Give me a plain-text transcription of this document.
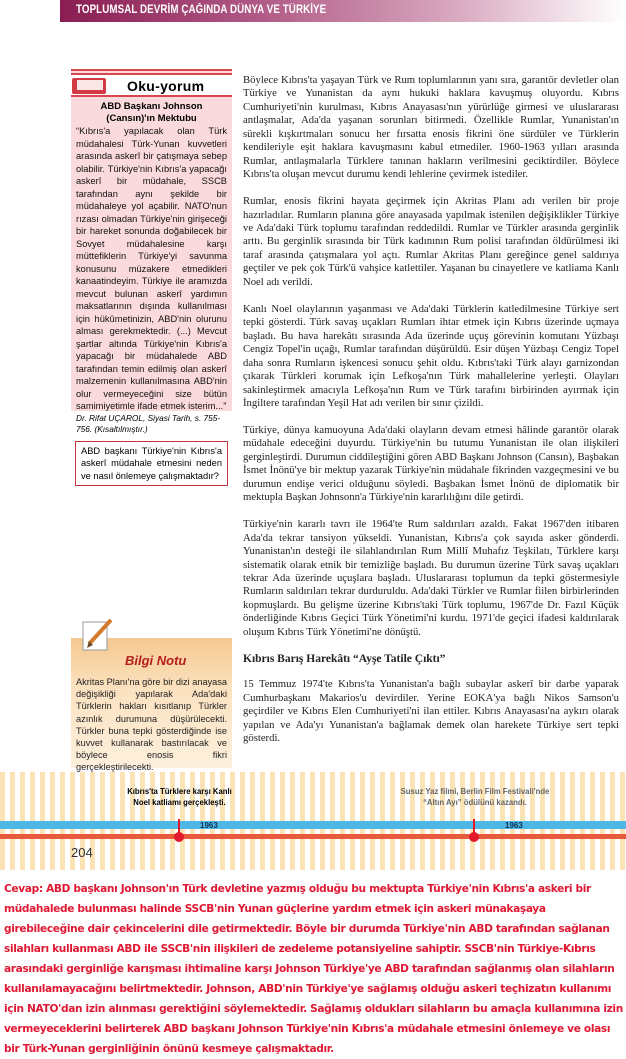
TOPLUMSAL DEVRİM ÇAĞINDA DÜNYA VE TÜRKİYE
Oku-yorum
ABD Başkanı Johnson (Cansın)'ın Mektubu
“Kıbrıs'a yapılacak olan Türk müdahalesi Türk-Yunan kuvvetleri arasında askerî bir çatışmaya sebep olabilir. Türkiye'nin Kıbrıs'a yapacağı askerî bir müdahale, SSCB tarafından aynı şekilde bir müdahaleye yol açabilir. NATO'nun rızası olmadan Türkiye'nin girişeceği bir hareket sonunda doğabilecek bir Sovyet müdahalesine karşı müttefiklerin Türkiye'yi savunma konusunu müzakere etmedikleri kanaatindeyim. Türkiye ile aramızda mevcut bulunan askerî yardımın maksatlarının dışında kullanılması için hükûmetinizin, ABD'nin olurunu alması gerekmektedir. (...) Mevcut şartlar altında Türkiye'nin Kıbrıs'a yapacağı bir müdahalede ABD tarafından temin edilmiş olan askerî malzemenin kullanılmasına ABD'nin olur vermeyeceğini size bütün samimiyetimle ifade etmek isterim...”
Dr. Rifat UÇAROL, Siyasi Tarih, s. 755-756. (Kısaltılmıştır.)
ABD başkanı Türkiye'nin Kıbrıs'a askerî müdahale etmesini neden ve nasıl önlemeye çalışmaktadır?
Bilgi Notu
Akritas Planı'na göre bir dizi anayasa değişikliği yapılarak Ada'daki Türklerin hakları kısıtlanıp Türkler azınlık durumuna düşürülecekti. Türkler buna tepki gösterdiğinde ise kuvvet kullanarak bastırılacak ve böylece enosis fikri gerçekleştirilecekti.

Böylece Kıbrıs'ta yaşayan Türk ve Rum toplumlarının yanı sıra, garantör devletler olan Türkiye ve Yunanistan da aynı hukuki haklara kavuşmuş oluyordu. Kıbrıs Cumhuriyeti'nin kurulması, Kıbrıs Anayasası'nın yürürlüğe girmesi ve uluslararası antlaşmalar, Ada'da yaşanan sorunları bitirmedi. Özellikle Rumlar, Yunanistan'ın sürekli kışkırtmaları sonucu her fırsatta enosis fikrini öne sürdüler ve Türklerin kendileriyle eşit haklara kavuşmasını kabul etmediler. 1960-1963 yılları arasında Rumlar, antlaşmalarla Türklere tanınan hakların verilmesini geciktirdiler. Böylece Kıbrıs'ta oluşan mevcut durumu kendi lehlerine çevirmek istediler.

Rumlar, enosis fikrini hayata geçirmek için Akritas Planı adı verilen bir proje hazırladılar. Rumların planına göre anayasada yapılmak istenilen değişiklikler Türkiye ve Ada'daki Türk toplumu tarafından reddedildi. Rumlar ve Türkler arasında gerginlik arttı. Bu gerginlik sırasında bir Türk kadınının Rum polisi tarafından öldürülmesi iki taraf arasında çatışmalara yol açtı. Rumlar Akritas Planı gereğince genel saldırıya geçtiler ve pek çok Türk'ü vahşice katlettiler. Yaşanan bu cinayetlere ve katliama Kanlı Noel adı verildi.

Kanlı Noel olaylarının yaşanması ve Ada'daki Türklerin katledilmesine Türkiye sert tepki gösterdi. Türk savaş uçakları Rumları ihtar etmek için Kıbrıs üzerinde uçmaya başladı. Bu hava harekâtı sırasında Ada üzerinde uçuş görevinin komutanı Yüzbaşı Cengiz Topel'in uçağı, Rumlar tarafından düşürüldü. Esir düşen Yüzbaşı Cengiz Topel daha sonra Rumların işkencesi sonucu şehit oldu. Kıbrıs'taki Türk alayı garnizondan çıkarak Türkleri korumak için Lefkoşa'nın Türk mahallelerine yerleşti. Olayları sakinleştirmek amacıyla Lefkoşa'nın Rum ve Türk tarafını birbirinden ayırmak için İngiltere tarafından Yeşil Hat adı verilen bir sınır çizildi.

Türkiye, dünya kamuoyuna Ada'daki olayların devam etmesi hâlinde garantör olarak müdahale edeceğini duyurdu. Türkiye'nin bu tutumu Yunanistan ile olan ilişkileri gerginleştirdi. Durumun ciddileştiğini gören ABD Başkanı Johnson (Cansın), Başbakan İsmet İnönü'ye bir mektup yazarak Türkiye'nin müdahale fikrinden vazgeçmesini ve bu durumun endişe verici olduğunu söyledi. Başbakan İsmet İnönü de diplomatik bir mektupla Başkan Johnsonn'a Türkiye'nin kararlılığını dile getirdi.

Türkiye'nin kararlı tavrı ile 1964'te Rum saldırıları azaldı. Fakat 1967'den itibaren Ada'da tekrar tansiyon yükseldi. Yunanistan, Kıbrıs'a çok sayıda asker gönderdi. Yunanistan'ın desteği ile silahlandırılan Rum Millî Muhafız Teşkilatı, Türklere karşı sistematik olarak etnik bir temizliğe başladı. Bu durumun üzerine Türk savaş uçakları tekrar Ada üzerinde uçuşlara başladı. Uluslararası toplumun da tepki göstermesiyle Rumların saldırıları tekrar durduruldu. Ada'daki Türkler ve Rumlar fiilen birbirlerinden kopmuşlardı. Bu gelişme üzerine Kıbrıs'taki Türk toplumu, 1967'de Dr. Fazıl Küçük önderliğinde Kıbrıs Geçici Türk Yönetimi'ni kurdu. 1971'de geçici ifadesi kaldırılarak oluşum Kıbrıs Türk Yönetimi'ne dönüştü.

Kıbrıs Barış Harekâtı “Ayşe Tatile Çıktı”

15 Temmuz 1974'te Kıbrıs'ta Yunanistan'a bağlı subaylar askerî bir darbe yaparak Cumhurbaşkanı Makarios'u devirdiler. Yerine EOKA'ya bağlı Nikos Samson'u geçirdiler ve Kıbrıs Elen Cumhuriyeti'ni ilan ettiler. Kıbrıs Anayasası'na aykırı olarak yapılan ve Ada'yı Yunanistan'a bağlamak demek olan harekete Türkiye sert tepki gösterdi.

Kıbrıs'ta Türklere karşı Kanlı Noel katliamı gerçekleşti.
Susuz Yaz filmi, Berlin Film Festivali'nde “Altın Ayı” ödülünü kazandı.
1963	1963
204
Cevap: ABD başkanı Johnson'ın Türk devletine yazmış olduğu bu mektupta Türkiye'nin Kıbrıs'a askeri bir müdahalede bulunması halinde SSCB'nin Yunan güçlerine yardım etmek için askeri münakaşaya girebileceğine dair çekincelerini dile getirmektedir. Böyle bir durumda Türkiye'nin ABD tarafından sağlanan silahları kullanması ABD ile SSCB'nin ilişkileri de zedeleme potansiyeline sahiptir. SSCB'nin Türkiye-Kıbrıs arasındaki gerginliğe karışması ihtimaline karşı Johnson Türkiye'ye ABD tarafından sağlanmış olan silahların kullanılamayacağını belirtmektedir. Johnson, ABD'nin Türkiye'ye sağlamış olduğu askeri teçhizatın kullanımı için NATO'dan izin alınması gerektiğini söylemektedir. Sağlamış oldukları silahların bu amaçla kullanımına izin vermeyeceklerini belirterek ABD başkanı Johnson Türkiye'nin Kıbrıs'a müdahale etmesini önlemeye ve olası bir Türk-Yunan gerginliğinin önünü kesmeye çalışmaktadır.
